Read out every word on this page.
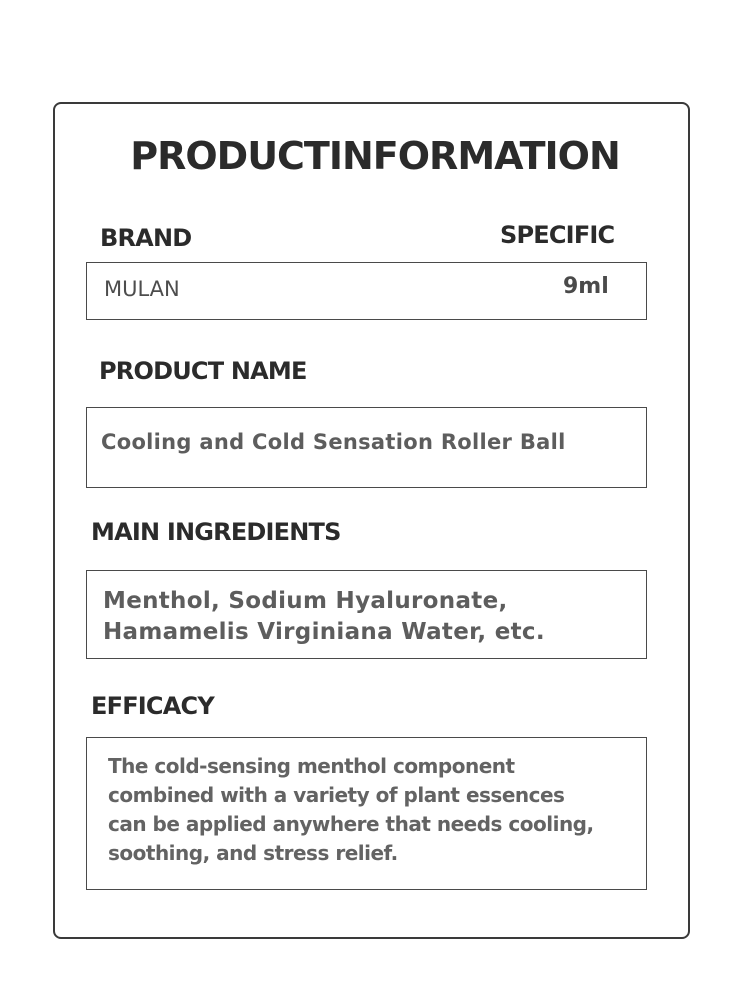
PRODUCTINFORMATION
BRAND	SPECIFIC
MULAN	9ml
PRODUCT NAME
Cooling and Cold Sensation Roller Ball
MAIN INGREDIENTS
Menthol, Sodium Hyaluronate,
Hamamelis Virginiana Water, etc.
EFFICACY
The cold-sensing menthol component
combined with a variety of plant essences
can be applied anywhere that needs cooling,
soothing, and stress relief.
